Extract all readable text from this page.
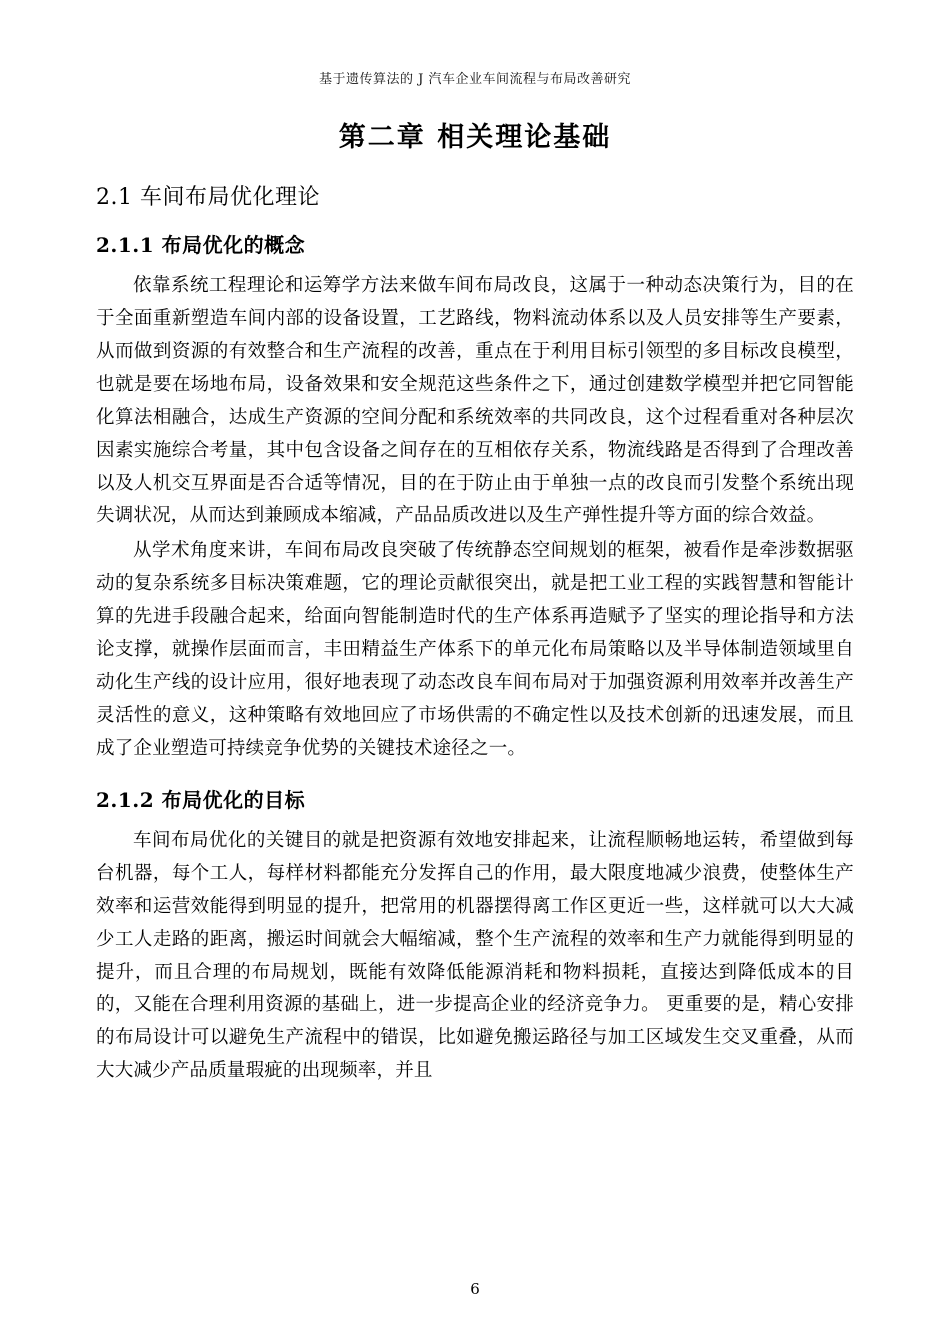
基于遗传算法的 J 汽车企业车间流程与布局改善研究
第二章 相关理论基础
2.1 车间布局优化理论
2.1.1 布局优化的概念

依靠系统工程理论和运筹学方法来做车间布局改良，这属于一种动态决策行为，目的在于全面重新塑造车间内部的设备设置，工艺路线，物料流动体系以及人员安排等生产要素，从而做到资源的有效整合和生产流程的改善，重点在于利用目标引领型的多目标改良模型，也就是要在场地布局，设备效果和安全规范这些条件之下，通过创建数学模型并把它同智能化算法相融合，达成生产资源的空间分配和系统效率的共同改良，这个过程看重对各种层次因素实施综合考量，其中包含设备之间存在的互相依存关系，物流线路是否得到了合理改善以及人机交互界面是否合适等情况，目的在于防止由于单独一点的改良而引发整个系统出现失调状况，从而达到兼顾成本缩减，产品品质改进以及生产弹性提升等方面的综合效益。

从学术角度来讲，车间布局改良突破了传统静态空间规划的框架，被看作是牵涉数据驱动的复杂系统多目标决策难题，它的理论贡献很突出，就是把工业工程的实践智慧和智能计算的先进手段融合起来，给面向智能制造时代的生产体系再造赋予了坚实的理论指导和方法论支撑，就操作层面而言，丰田精益生产体系下的单元化布局策略以及半导体制造领域里自动化生产线的设计应用，很好地表现了动态改良车间布局对于加强资源利用效率并改善生产灵活性的意义，这种策略有效地回应了市场供需的不确定性以及技术创新的迅速发展，而且成了企业塑造可持续竞争优势的关键技术途径之一。

2.1.2 布局优化的目标

车间布局优化的关键目的就是把资源有效地安排起来，让流程顺畅地运转，希望做到每台机器，每个工人，每样材料都能充分发挥自己的作用，最大限度地减少浪费，使整体生产效率和运营效能得到明显的提升，把常用的机器摆得离工作区更近一些，这样就可以大大减少工人走路的距离，搬运时间就会大幅缩减，整个生产流程的效率和生产力就能得到明显的提升，而且合理的布局规划，既能有效降低能源消耗和物料损耗，直接达到降低成本的目的，又能在合理利用资源的基础上，进一步提高企业的经济竞争力。 更重要的是，精心安排的布局设计可以避免生产流程中的错误，比如避免搬运路径与加工区域发生交叉重叠，从而大大减少产品质量瑕疵的出现频率，并且

6
